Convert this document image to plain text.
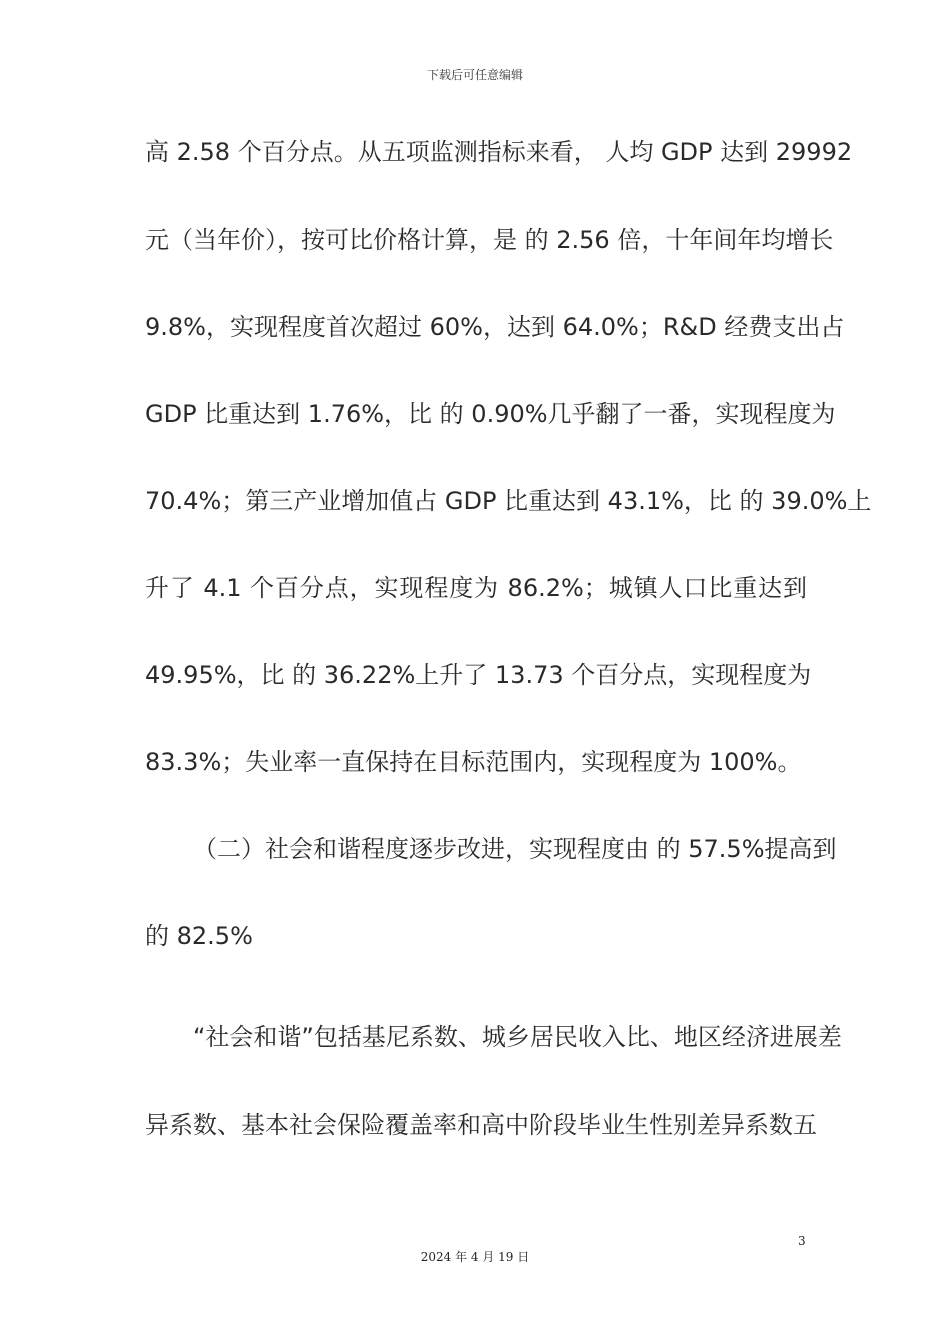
下载后可任意编辑
高 2.58 个百分点。从五项监测指标来看， 人均 GDP 达到 29992
元（当年价），按可比价格计算，是 的 2.56 倍，十年间年均增长
9.8%，实现程度首次超过 60%，达到 64.0%；R&D 经费支出占
GDP 比重达到 1.76%，比 的 0.90%几乎翻了一番，实现程度为
70.4%；第三产业增加值占 GDP 比重达到 43.1%，比 的 39.0%上
升了 4.1 个百分点，实现程度为 86.2%；城镇人口比重达到
49.95%，比 的 36.22%上升了 13.73 个百分点，实现程度为
83.3%；失业率一直保持在目标范围内，实现程度为 100%。
（二）社会和谐程度逐步改进，实现程度由 的 57.5%提高到
的 82.5%
“社会和谐”包括基尼系数、城乡居民收入比、地区经济进展差
异系数、基本社会保险覆盖率和高中阶段毕业生性别差异系数五
3
2024 年 4 月 19 日
